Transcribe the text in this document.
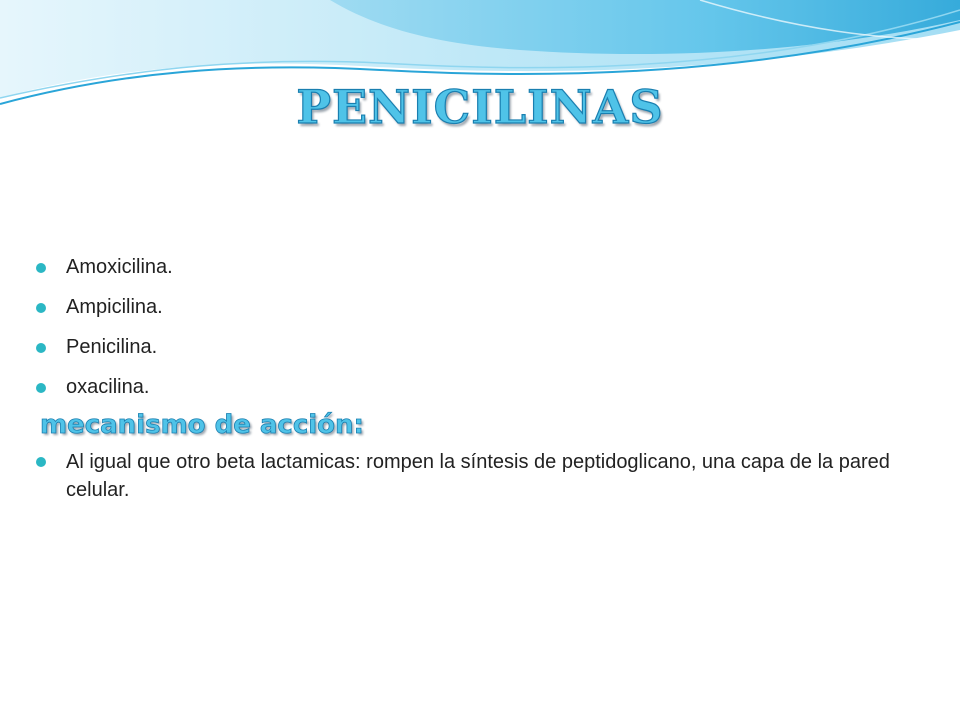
PENICILINAS
Amoxicilina.
Ampicilina.
Penicilina.
oxacilina.
mecanismo de acción:
Al igual que otro beta lactamicas: rompen la síntesis de peptidoglicano, una capa de la pared celular.
